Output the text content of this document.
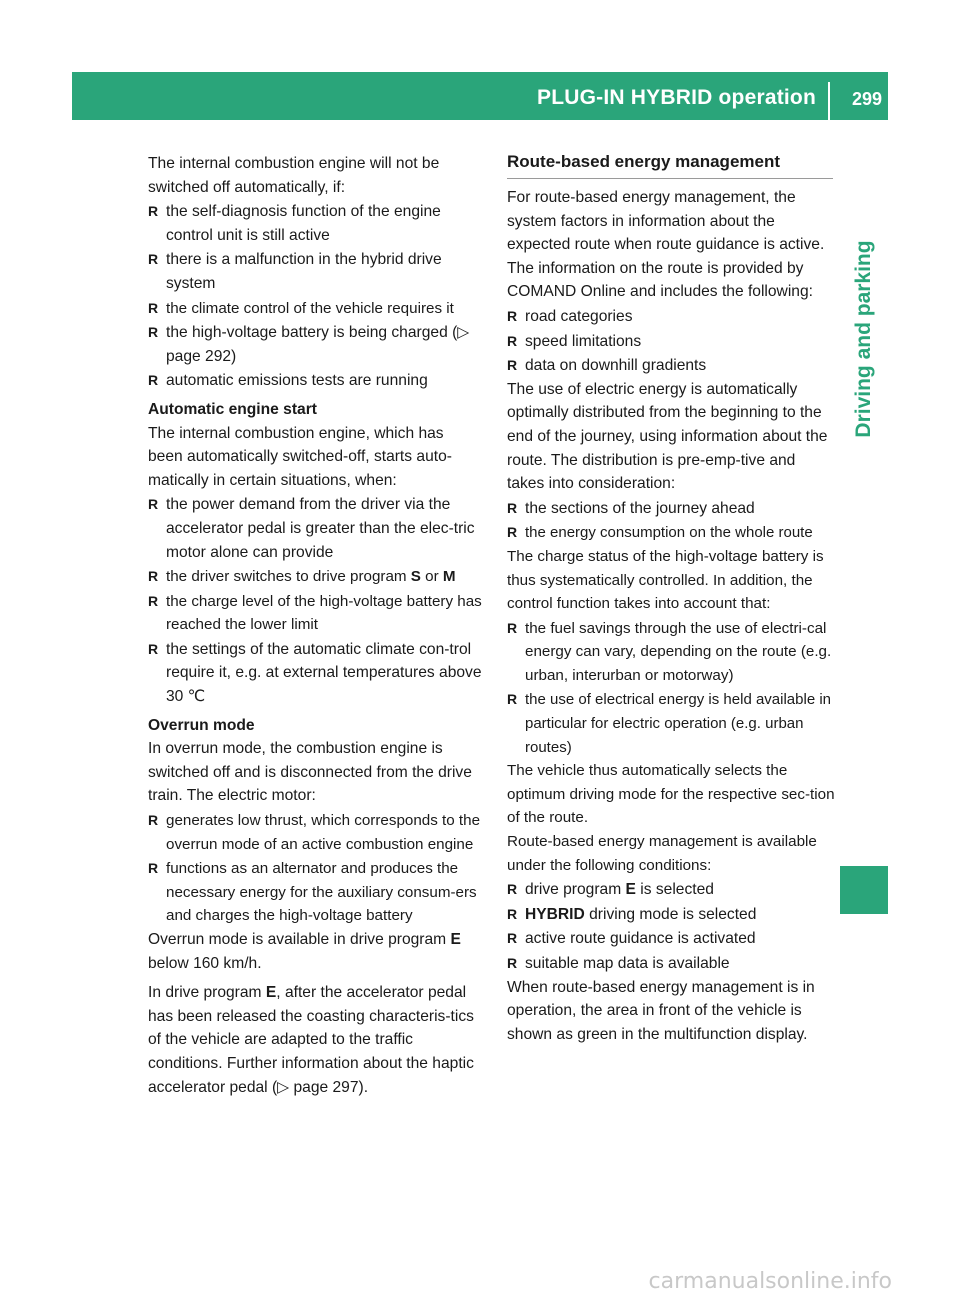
PLUG-IN HYBRID operation 299
Driving and parking

The internal combustion engine will not be switched off automatically, if:

R the self-diagnosis function of the engine control unit is still active

R there is a malfunction in the hybrid drive system

R the climate control of the vehicle requires it

R the high-voltage battery is being charged (▷ page 292)

R automatic emissions tests are running

Automatic engine start

The internal combustion engine, which has been automatically switched-off, starts auto-matically in certain situations, when:

R the power demand from the driver via the accelerator pedal is greater than the elec-tric motor alone can provide

R the driver switches to drive program S or M

R the charge level of the high-voltage battery has reached the lower limit

R the settings of the automatic climate con-trol require it, e.g. at external temperatures above 30 ℃

Overrun mode

In overrun mode, the combustion engine is switched off and is disconnected from the drive train. The electric motor:

R generates low thrust, which corresponds to the overrun mode of an active combustion engine

R functions as an alternator and produces the necessary energy for the auxiliary consum-ers and charges the high-voltage battery

Overrun mode is available in drive program E below 160 km/h.

In drive program E, after the accelerator pedal has been released the coasting characteris-tics of the vehicle are adapted to the traffic conditions. Further information about the haptic accelerator pedal (▷ page 297).

Route-based energy management

For route-based energy management, the system factors in information about the expected route when route guidance is active.

The information on the route is provided by COMAND Online and includes the following:

R road categories

R speed limitations

R data on downhill gradients

The use of electric energy is automatically optimally distributed from the beginning to the end of the journey, using information about the route. The distribution is pre-emp-tive and takes into consideration:

R the sections of the journey ahead

R the energy consumption on the whole route

The charge status of the high-voltage battery is thus systematically controlled. In addition, the control function takes into account that:

R the fuel savings through the use of electri-cal energy can vary, depending on the route (e.g. urban, interurban or motorway)

R the use of electrical energy is held available in particular for electric operation (e.g. urban routes)

The vehicle thus automatically selects the optimum driving mode for the respective sec-tion of the route.

Route-based energy management is available under the following conditions:

R drive program E is selected

R HYBRID driving mode is selected

R active route guidance is activated

R suitable map data is available

When route-based energy management is in operation, the area in front of the vehicle is shown as green in the multifunction display.

carmanualsonline.info
